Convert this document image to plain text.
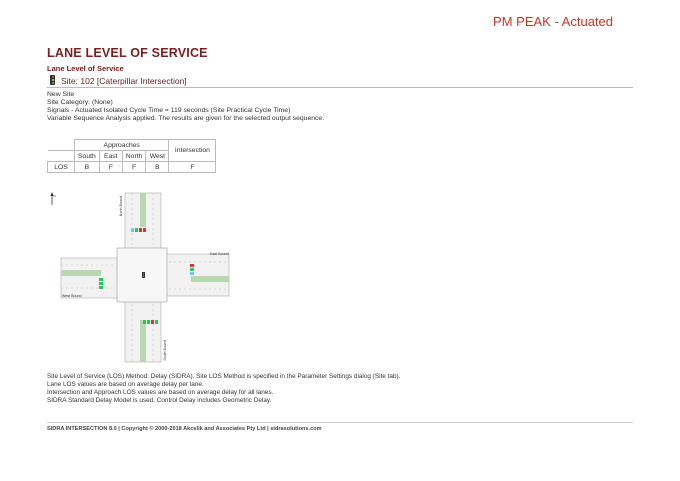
PM PEAK - Actuated
LANE LEVEL OF SERVICE
Lane Level of Service
Site: 102 [Caterpillar Intersection]
New Site
Site Category: (None)
Signals - Actuated Isolated Cycle Time = 119 seconds (Site Practical Cycle Time)
Variable Sequence Analysis applied. The results are given for the selected output sequence.
	Approaches				Intersection
	South	East	North	West	
LOS	B	F	F	B	F
N	North Bound
South Bound
East Bound
West Bound
Site Level of Service (LOS) Method: Delay (SIDRA). Site LOS Method is specified in the Parameter Settings dialog (Site tab).
Lane LOS values are based on average delay per lane.
Intersection and Approach LOS values are based on average delay for all lanes.
SIDRA Standard Delay Model is used. Control Delay includes Geometric Delay.
SIDRA INTERSECTION 8.0 | Copyright © 2000-2018 Akcelik and Associates Pty Ltd | sidrasolutions.com
